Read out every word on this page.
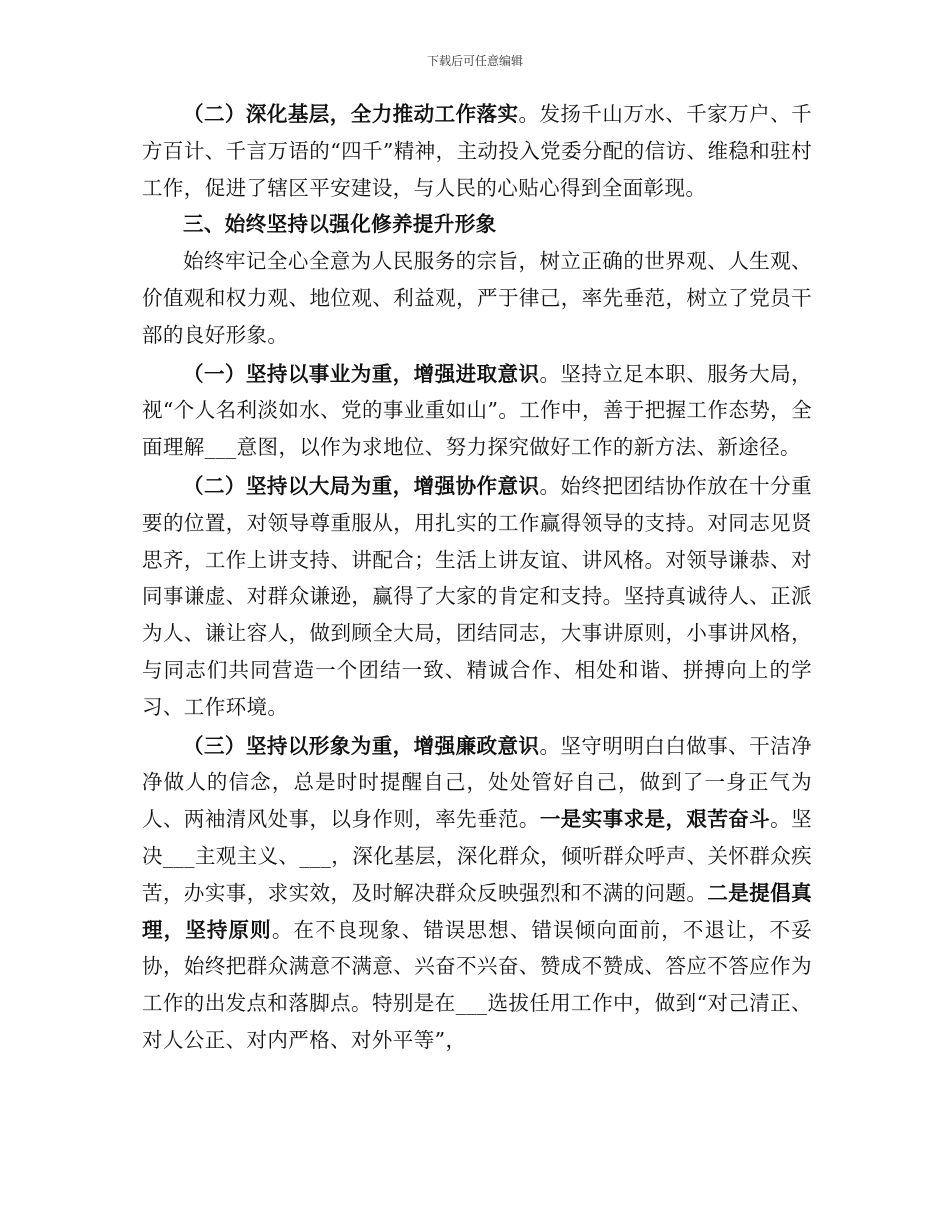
下载后可任意编辑

（二）深化基层，全力推动工作落实。发扬千山万水、千家万户、千方百计、千言万语的“四千”精神，主动投入党委分配的信访、维稳和驻村工作，促进了辖区平安建设，与人民的心贴心得到全面彰现。

三、始终坚持以强化修养提升形象

始终牢记全心全意为人民服务的宗旨，树立正确的世界观、人生观、价值观和权力观、地位观、利益观，严于律己，率先垂范，树立了党员干部的良好形象。

（一）坚持以事业为重，增强进取意识。坚持立足本职、服务大局，视“个人名利淡如水、党的事业重如山”。工作中，善于把握工作态势，全面理解___意图，以作为求地位、努力探究做好工作的新方法、新途径。

（二）坚持以大局为重，增强协作意识。始终把团结协作放在十分重要的位置，对领导尊重服从，用扎实的工作赢得领导的支持。对同志见贤思齐，工作上讲支持、讲配合；生活上讲友谊、讲风格。对领导谦恭、对同事谦虚、对群众谦逊，赢得了大家的肯定和支持。坚持真诚待人、正派为人、谦让容人，做到顾全大局，团结同志，大事讲原则，小事讲风格，与同志们共同营造一个团结一致、精诚合作、相处和谐、拼搏向上的学习、工作环境。

（三）坚持以形象为重，增强廉政意识。坚守明明白白做事、干洁净净做人的信念，总是时时提醒自己，处处管好自己，做到了一身正气为人、两袖清风处事，以身作则，率先垂范。一是实事求是，艰苦奋斗。坚决___主观主义、___，深化基层，深化群众，倾听群众呼声、关怀群众疾苦，办实事，求实效，及时解决群众反映强烈和不满的问题。二是提倡真理，坚持原则。在不良现象、错误思想、错误倾向面前，不退让，不妥协，始终把群众满意不满意、兴奋不兴奋、赞成不赞成、答应不答应作为工作的出发点和落脚点。特别是在___选拔任用工作中，做到“对己清正、对人公正、对内严格、对外平等”，
